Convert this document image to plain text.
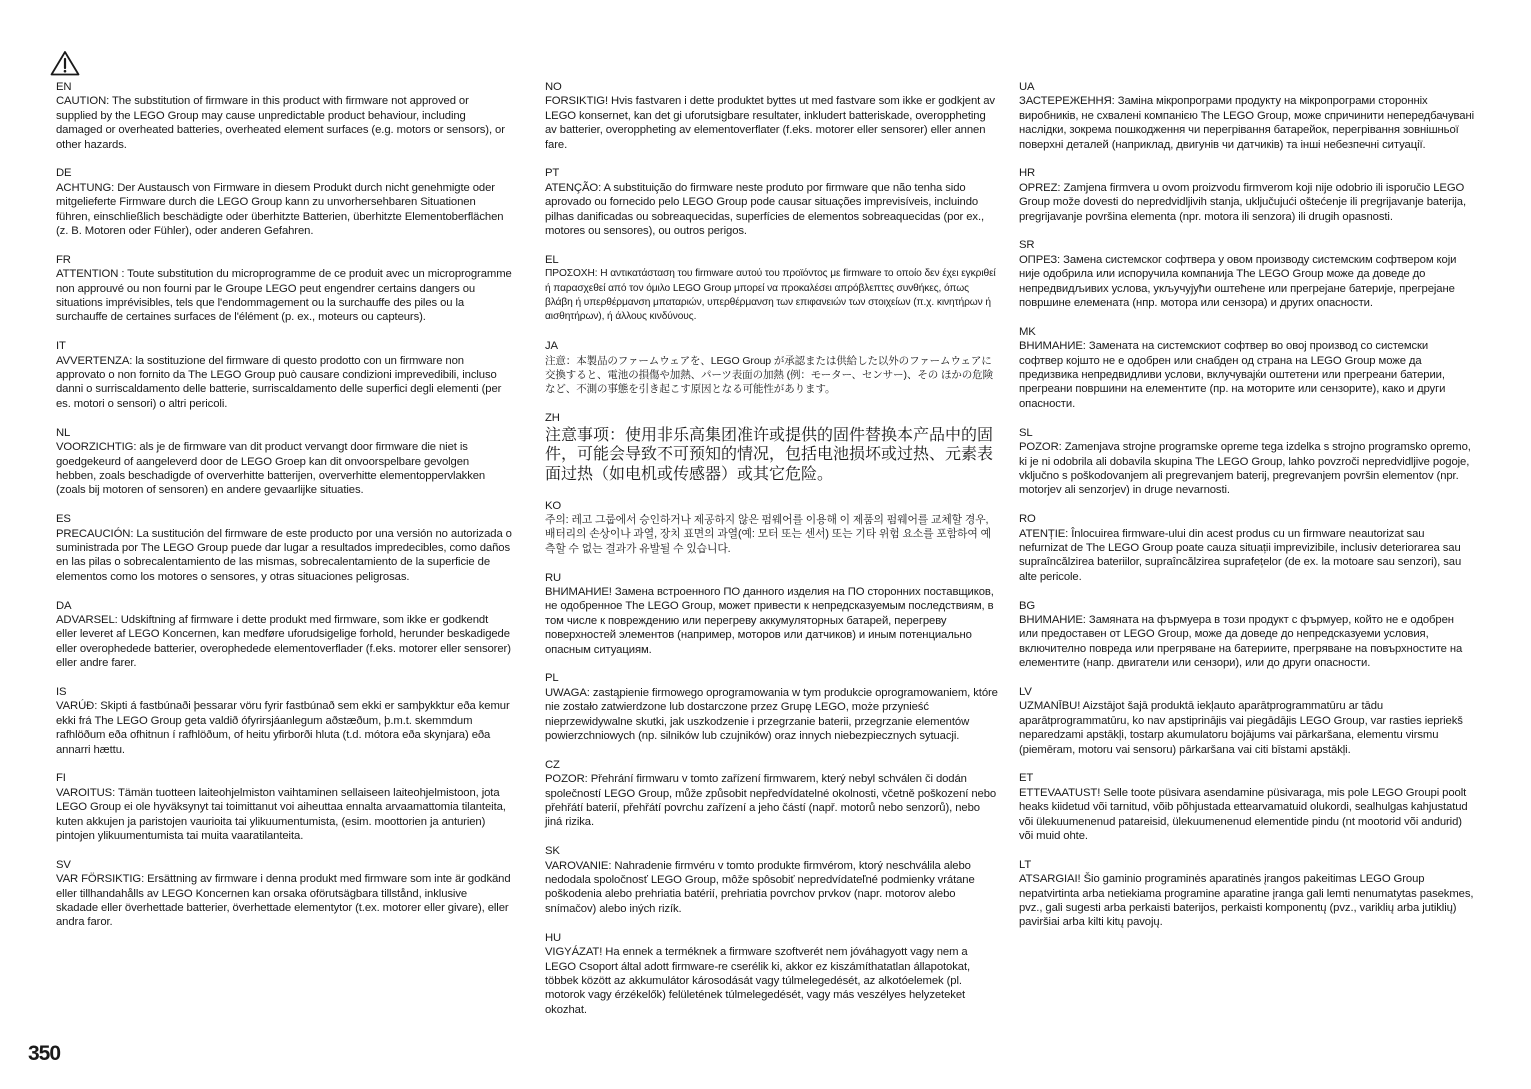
EN
CAUTION: The substitution of firmware in this product with firmware not approved or supplied by the LEGO Group may cause unpredictable product behaviour, including damaged or overheated batteries, overheated element surfaces (e.g. motors or sensors), or other hazards.
DE
ACHTUNG: Der Austausch von Firmware in diesem Produkt durch nicht genehmigte oder mitgelieferte Firmware durch die LEGO Group kann zu unvorhersehbaren Situationen führen, einschließlich beschädigte oder überhitzte Batterien, überhitzte Elementoberflächen (z. B. Motoren oder Fühler), oder anderen Gefahren.
FR
ATTENTION : Toute substitution du microprogramme de ce produit avec un microprogramme non approuvé ou non fourni par le Groupe LEGO peut engendrer certains dangers ou situations imprévisibles, tels que l'endommagement ou la surchauffe des piles ou la surchauffe de certaines surfaces de l'élément (p. ex., moteurs ou capteurs).
IT
AVVERTENZA: la sostituzione del firmware di questo prodotto con un firmware non approvato o non fornito da The LEGO Group può causare condizioni imprevedibili, incluso danni o surriscaldamento delle batterie, surriscaldamento delle superfici degli elementi (per es. motori o sensori) o altri pericoli.
NL
VOORZICHTIG: als je de firmware van dit product vervangt door firmware die niet is goedgekeurd of aangeleverd door de LEGO Groep kan dit onvoorspelbare gevolgen hebben, zoals beschadigde of oververhitte batterijen, oververhitte elementoppervlakken (zoals bij motoren of sensoren) en andere gevaarlijke situaties.
ES
PRECAUCIÓN: La sustitución del firmware de este producto por una versión no autorizada o suministrada por The LEGO Group puede dar lugar a resultados impredecibles, como daños en las pilas o sobrecalentamiento de las mismas, sobrecalentamiento de la superficie de elementos como los motores o sensores, y otras situaciones peligrosas.
DA
ADVARSEL: Udskiftning af firmware i dette produkt med firmware, som ikke er godkendt eller leveret af LEGO Koncernen, kan medføre uforudsigelige forhold, herunder beskadigede eller overophedede batterier, overophedede elementoverflader (f.eks. motorer eller sensorer) eller andre farer.
IS
VARÚÐ: Skipti á fastbúnaði þessarar vöru fyrir fastbúnað sem ekki er samþykktur eða kemur ekki frá The LEGO Group geta valdið ófyrirsjáanlegum aðstæðum, þ.m.t. skemmdum rafhlöðum eða ofhitnun í rafhlöðum, of heitu yfirborði hluta (t.d. mótora eða skynjara) eða annarri hættu.
FI
VAROITUS: Tämän tuotteen laiteohjelmiston vaihtaminen sellaiseen laiteohjelmistoon, jota LEGO Group ei ole hyväksynyt tai toimittanut voi aiheuttaa ennalta arvaamattomia tilanteita, kuten akkujen ja paristojen vaurioita tai ylikuumentumista, (esim. moottorien ja anturien) pintojen ylikuumentumista tai muita vaaratilanteita.
SV
VAR FÖRSIKTIG: Ersättning av firmware i denna produkt med firmware som inte är godkänd eller tillhandahålls av LEGO Koncernen kan orsaka oförutsägbara tillstånd, inklusive skadade eller överhettade batterier, överhettade elementytor (t.ex. motorer eller givare), eller andra faror.
NO
FORSIKTIG! Hvis fastvaren i dette produktet byttes ut med fastvare som ikke er godkjent av LEGO konsernet, kan det gi uforutsigbare resultater, inkludert batteriskade, overoppheting av batterier, overoppheting av elementoverflater (f.eks. motorer eller sensorer) eller annen fare.
PT
ATENÇÃO: A substituição do firmware neste produto por firmware que não tenha sido aprovado ou fornecido pelo LEGO Group pode causar situações imprevisíveis, incluindo pilhas danificadas ou sobreaquecidas, superfícies de elementos sobreaquecidas (por ex., motores ou sensores), ou outros perigos.
EL
ΠΡΟΣΟΧΗ: Η αντικατάσταση του firmware αυτού του προϊόντος με firmware το οποίο δεν έχει εγκριθεί ή παρασχεθεί από τον όμιλο LEGO Group μπορεί να προκαλέσει απρόβλεπτες συνθήκες, όπως βλάβη ή υπερθέρμανση μπαταριών, υπερθέρμανση των επιφανειών των στοιχείων (π.χ. κινητήρων ή αισθητήρων), ή άλλους κινδύνους.
JA
注意：本製品のファームウェアを、LEGO Group が承認または供給した以外のファームウェアに交換すると、電池の損傷や加熱、パーツ表面の加熱 (例：モーター、センサー)、その ほかの危険など、不測の事態を引き起こす原因となる可能性があります。
ZH
注意事项：使用非乐高集团准许或提供的固件替换本产品中的固件，可能会导致不可预知的情况，包括电池损坏或过热、元素表面过热（如电机或传感器）或其它危险。
KO
주의: 레고 그룹에서 승인하거나 제공하지 않은 펌웨어를 이용해 이 제품의 펌웨어를 교체할 경우, 배터리의 손상이나 과열, 장치 표면의 과열(예: 모터 또는 센서) 또는 기타 위험 요소를 포함하여 예측할 수 없는 결과가 유발될 수 있습니다.
RU
ВНИМАНИЕ! Замена встроенного ПО данного изделия на ПО сторонних поставщиков, не одобренное The LEGO Group, может привести к непредсказуемым последствиям, в том числе к повреждению или перегреву аккумуляторных батарей, перегреву поверхностей элементов (например, моторов или датчиков) и иным потенциально опасным ситуациям.
PL
UWAGA: zastąpienie firmowego oprogramowania w tym produkcie oprogramowaniem, które nie zostało zatwierdzone lub dostarczone przez Grupę LEGO, może przynieść nieprzewidywalne skutki, jak uszkodzenie i przegrzanie baterii, przegrzanie elementów powierzchniowych (np. silników lub czujników) oraz innych niebezpiecznych sytuacji.
CZ
POZOR: Přehrání firmwaru v tomto zařízení firmwarem, který nebyl schválen či dodán společností LEGO Group, může způsobit nepředvídatelné okolnosti, včetně poškození nebo přehřátí baterií, přehřátí povrchu zařízení a jeho částí (např. motorů nebo senzorů), nebo jiná rizika.
SK
VAROVANIE: Nahradenie firmvéru v tomto produkte firmvérom, ktorý neschválila alebo nedodala spoločnosť LEGO Group, môže spôsobiť nepredvídateľné podmienky vrátane poškodenia alebo prehriatia batérií, prehriatia povrchov prvkov (napr. motorov alebo snímačov) alebo iných rizík.
HU
VIGYÁZAT! Ha ennek a terméknek a firmware szoftverét nem jóváhagyott vagy nem a LEGO Csoport által adott firmware-re cserélik ki, akkor ez kiszámíthatatlan állapotokat, többek között az akkumulátor károsodását vagy túlmelegedését, az alkotóelemek (pl. motorok vagy érzékelők) felületének túlmelegedését, vagy más veszélyes helyzeteket okozhat.
UA
ЗАСТЕРЕЖЕННЯ: Заміна мікропрограми продукту на мікропрограми сторонніх виробників, не схвалені компанією The LEGO Group, може спричинити непередбачувані наслідки, зокрема пошкодження чи перегрівання батарейок, перегрівання зовнішньої поверхні деталей (наприклад, двигунів чи датчиків) та інші небезпечні ситуації.
HR
OPREZ: Zamjena firmvera u ovom proizvodu firmverom koji nije odobrio ili isporučio LEGO Group može dovesti do nepredvidljivih stanja, uključujući oštećenje ili pregrijavanje baterija, pregrijavanje površina elementa (npr. motora ili senzora) ili drugih opasnosti.
SR
ОПРЕЗ: Замена системског софтвера у овом производу системским софтвером који није одобрила или испоручила компанија The LEGO Group може да доведе до непредвидљивих услова, укључујући оштећене или прегрејане батерије, прегрејане површине елемената (нпр. мотора или сензора) и других опасности.
MK
ВНИМАНИЕ: Замената на системскиот софтвер во овој производ со системски софтвер којшто не е одобрен или снабден од страна на LEGO Group може да предизвика непредвидливи услови, вклучувајќи оштетени или прегреани батерии, прегреани површини на елементите (пр. на моторите или сензорите), како и други опасности.
SL
POZOR: Zamenjava strojne programske opreme tega izdelka s strojno programsko opremo, ki je ni odobrila ali dobavila skupina The LEGO Group, lahko povzroči nepredvidljive pogoje, vključno s poškodovanjem ali pregrevanjem baterij, pregrevanjem površin elementov (npr. motorjev ali senzorjev) in druge nevarnosti.
RO
ATENȚIE: Înlocuirea firmware-ului din acest produs cu un firmware neautorizat sau nefurnizat de The LEGO Group poate cauza situații imprevizibile, inclusiv deteriorarea sau supraîncălzirea bateriilor, supraîncălzirea suprafețelor (de ex. la motoare sau senzori), sau alte pericole.
BG
ВНИМАНИЕ: Замяната на фърмуера в този продукт с фърмуер, който не е одобрен или предоставен от LEGO Group, може да доведе до непредсказуеми условия, включително повреда или прегряване на батериите, прегряване на повърхностите на елементите (напр. двигатели или сензори), или до други опасности.
LV
UZMANĪBU! Aizstājot šajā produktā iekļauto aparātprogrammatūru ar tādu aparātprogrammatūru, ko nav apstiprinājis vai piegādājis LEGO Group, var rasties iepriekš neparedzami apstākļi, tostarp akumulatoru bojājums vai pārkaršana, elementu virsmu (piemēram, motoru vai sensoru) pārkaršana vai citi bīstami apstākļi.
ET
ETTEVAATUST! Selle toote püsivara asendamine püsivaraga, mis pole LEGO Groupi poolt heaks kiidetud või tarnitud, võib põhjustada ettearvamatuid olukordi, sealhulgas kahjustatud või ülekuumenenud patareisid, ülekuumenenud elementide pindu (nt mootorid või andurid) või muid ohte.
LT
ATSARGIAI! Šio gaminio programinės aparatinės įrangos pakeitimas LEGO Group nepatvirtinta arba netiekiama programine aparatine įranga gali lemti nenumatytas pasekmes, pvz., gali sugesti arba perkaisti baterijos, perkaisti komponentų (pvz., variklių arba jutiklių) paviršiai arba kilti kitų pavojų.
350
